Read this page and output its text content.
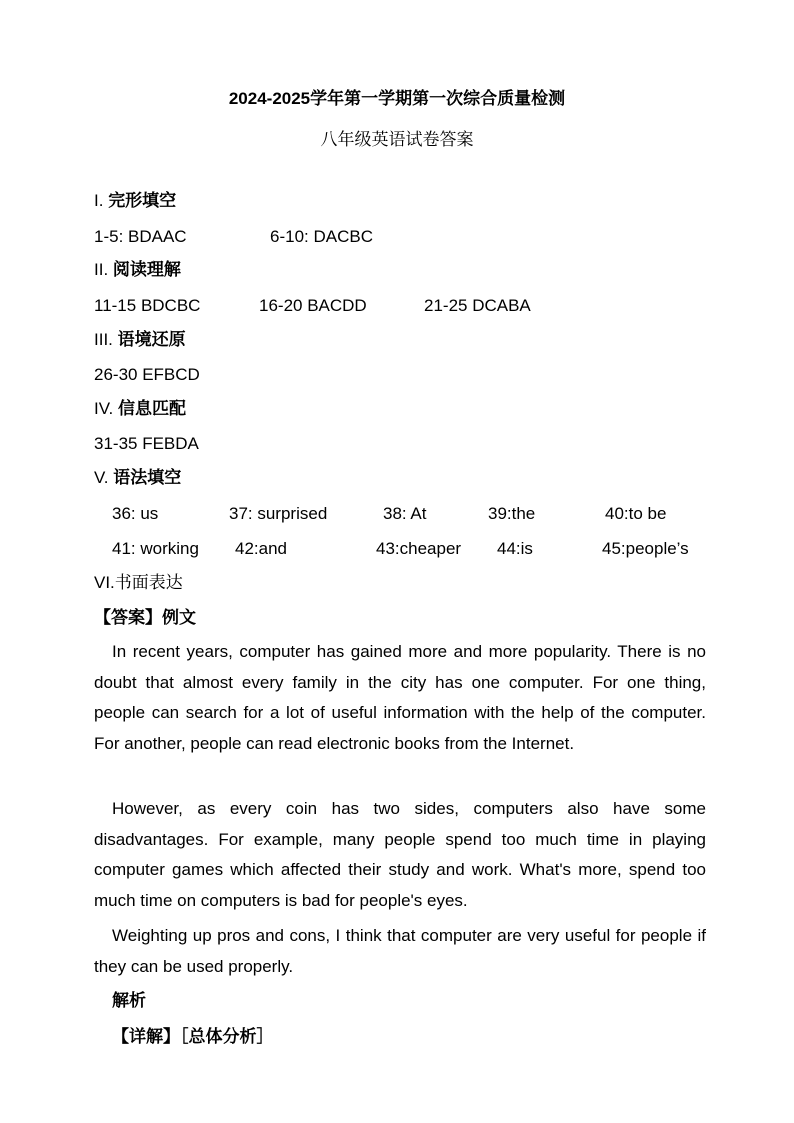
2024-2025学年第一学期第一次综合质量检测
八年级英语试卷答案
I. 完形填空
1-5: BDAAC	6-10: DACBC
II. 阅读理解
11-15 BDCBC	16-20 BACDD	21-25 DCABA
III. 语境还原
26-30 EFBCD
IV. 信息匹配
31-35 FEBDA
V. 语法填空
36: us	37: surprised	38: At	39:the	40:to be
41: working 42:and	43:cheaper 44:is	45:people’s
VI.书面表达
【答案】例文
In recent years, computer has gained more and more popularity. There is no doubt that almost every family in the city has one computer. For one thing, people can search for a lot of useful information with the help of the computer. For another, people can read electronic books from the Internet.
However, as every coin has two sides, computers also have some disadvantages. For example, many people spend too much time in playing computer games which affected their study and work. What's more, spend too much time on computers is bad for people's eyes.
Weighting up pros and cons, I think that computer are very useful for people if they can be used properly.
解析
【详解】［总体分析］
